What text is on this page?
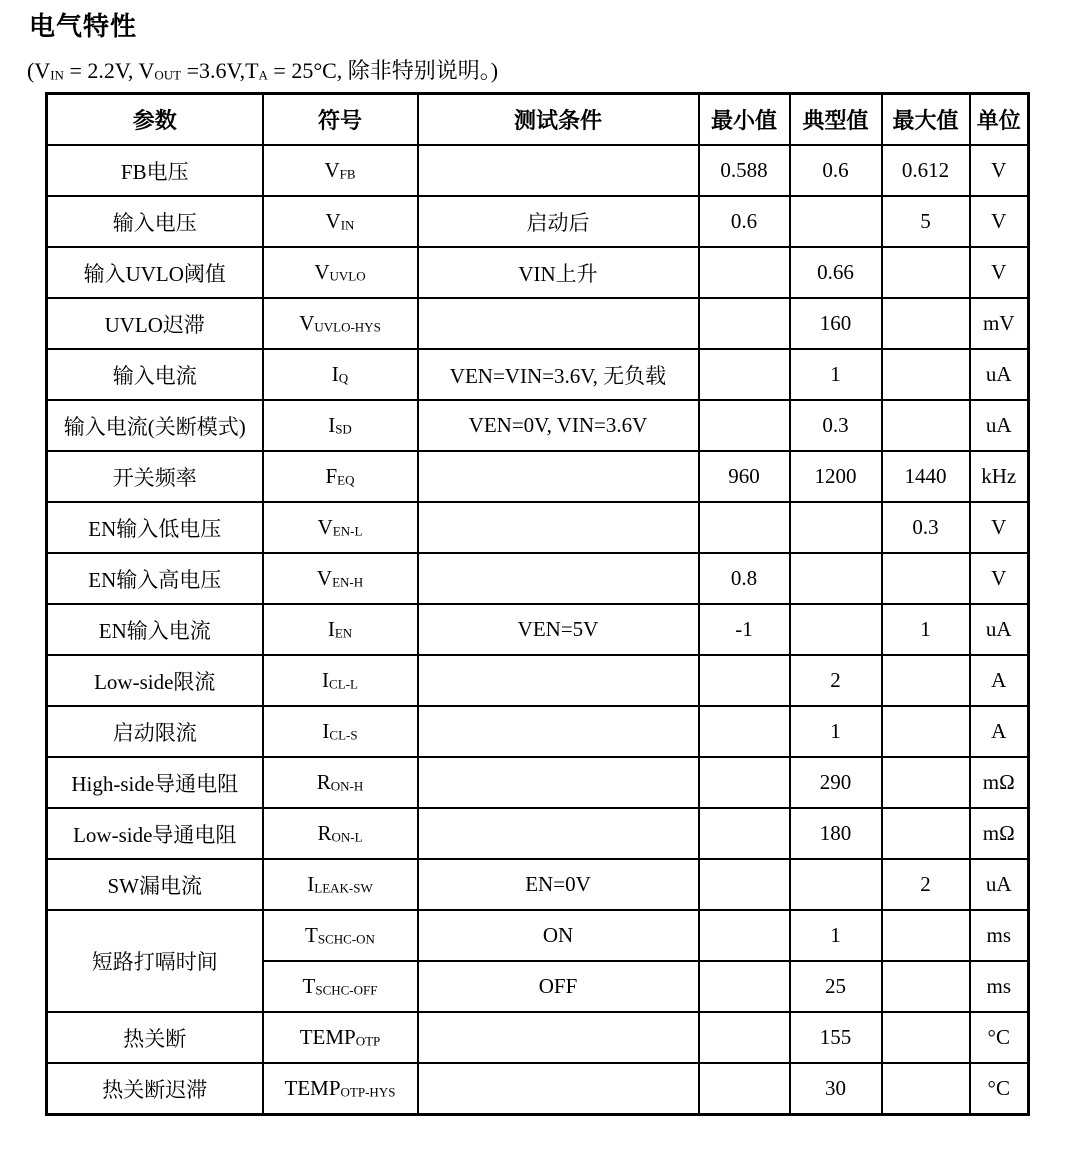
电气特性
($V_{IN} = 2.2V$, $V_{OUT} =3.6V,T_A = 25^\circ C$, 除非特别说明。)
参数	符号	测试条件	最小值	典型值	最大值	单位
FB电压	$V_{FB}$		0.588	0.6	0.612	V
输入电压	$V_{IN}$	启动后	0.6		5	V
输入UVLO阈值	$V_{UVLO}$	VIN上升		0.66		V
UVLO迟滞	$V_{UVLO-HYS}$			160		mV
输入电流	$I_Q$	VEN=VIN=3.6V, 无负载		1		uA
输入电流(关断模式)	$I_{SD}$	VEN=0V, VIN=3.6V		0.3		uA
开关频率	$F_{EQ}$		960	1200	1440	kHz
EN输入低电压	$V_{EN-L}$				0.3	V
EN输入高电压	$V_{EN-H}$		0.8			V
EN输入电流	$I_{EN}$	VEN=5V	-1		1	uA
Low-side限流	$I_{CL-L}$			2		A
启动限流	$I_{CL-S}$			1		A
High-side导通电阻	$R_{ON-H}$			290		mΩ
Low-side导通电阻	$R_{ON-L}$			180		mΩ
SW漏电流	$I_{LEAK-SW}$	EN=0V			2	uA
短路打嗝时间	$T_{SCHC-ON}$	ON		1		ms
	$T_{SCHC-OFF}$	OFF		25		ms
热关断	$TEMP_{OTP}$			155		°C
热关断迟滞	$TEMP_{OTP-HYS}$			30		°C
